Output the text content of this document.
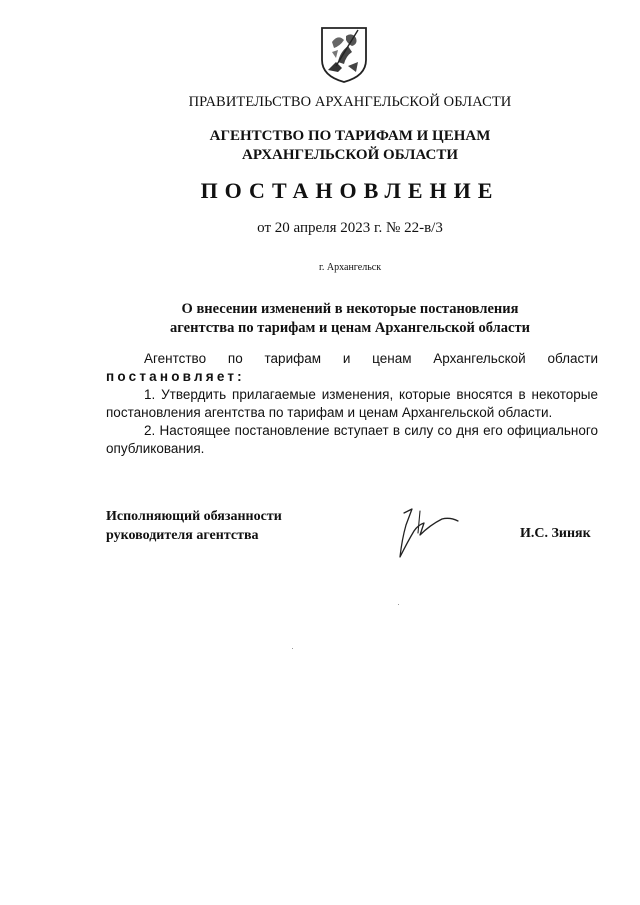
ПРАВИТЕЛЬСТВО АРХАНГЕЛЬСКОЙ ОБЛАСТИ
АГЕНТСТВО ПО ТАРИФАМ И ЦЕНАМ
АРХАНГЕЛЬСКОЙ ОБЛАСТИ
ПОСТАНОВЛЕНИЕ
от 20 апреля 2023 г. № 22-в/3
г. Архангельск
О внесении изменений в некоторые постановления
агентства по тарифам и ценам Архангельской области

Агентство по тарифам и ценам Архангельской области

постановляет:

1. Утвердить прилагаемые изменения, которые вносятся в некоторые постановления агентства по тарифам и ценам Архангельской области.

2. Настоящее постановление вступает в силу со дня его официального опубликования.

Исполняющий обязанности
руководителя агентства	И.С. Зиняк
